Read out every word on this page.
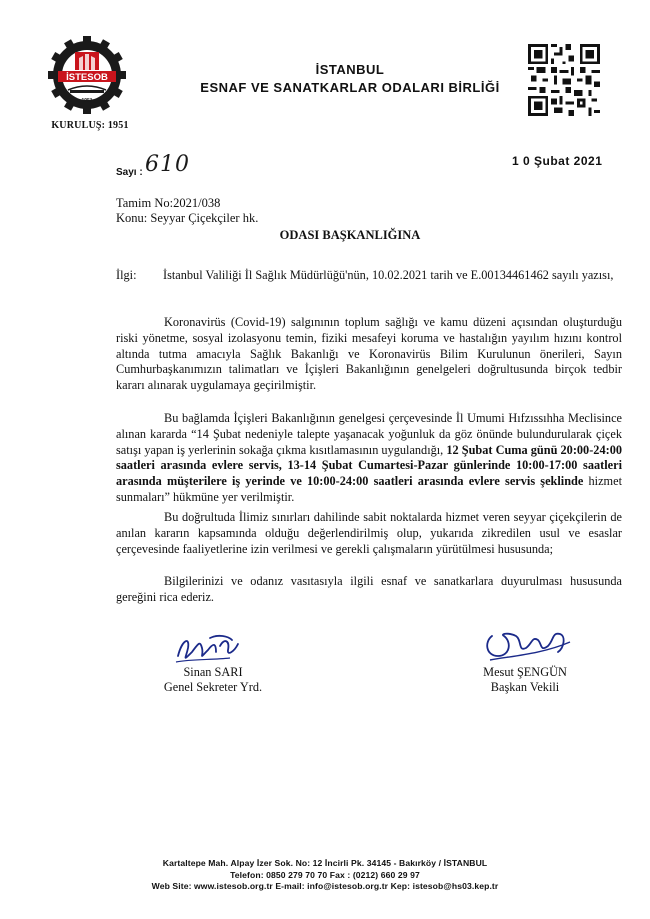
İSTESOB
1951
KURULUŞ: 1951
İSTANBUL
ESNAF VE SANATKARLAR ODALARI BİRLİĞİ
Sayı : 610	1 0 Şubat 2021
Tamim No:2021/038
Konu: Seyyar Çiçekçiler hk.
ODASI BAŞKANLIĞINA
İlgi: İstanbul Valiliği İl Sağlık Müdürlüğü'nün, 10.02.2021 tarih ve E.00134461462 sayılı yazısı,

Koronavirüs (Covid-19) salgınının toplum sağlığı ve kamu düzeni açısından oluşturduğu riski yönetme, sosyal izolasyonu temin, fiziki mesafeyi koruma ve hastalığın yayılım hızını kontrol altında tutma amacıyla Sağlık Bakanlığı ve Koronavirüs Bilim Kurulunun önerileri, Sayın Cumhurbaşkanımızın talimatları ve İçişleri Bakanlığının genelgeleri doğrultusunda birçok tedbir kararı alınarak uygulamaya geçirilmiştir.

Bu bağlamda İçişleri Bakanlığının genelgesi çerçevesinde İl Umumi Hıfzıssıhha Meclisince alınan kararda “14 Şubat nedeniyle talepte yaşanacak yoğunluk da göz önünde bulundurularak çiçek satışı yapan iş yerlerinin sokağa çıkma kısıtlamasının uygulandığı, 12 Şubat Cuma günü 20:00-24:00 saatleri arasında evlere servis, 13-14 Şubat Cumartesi-Pazar günlerinde 10:00-17:00 saatleri arasında müşterilere iş yerinde ve 10:00-24:00 saatleri arasında evlere servis şeklinde hizmet sunmaları” hükmüne yer verilmiştir.

Bu doğrultuda İlimiz sınırları dahilinde sabit noktalarda hizmet veren seyyar çiçekçilerin de anılan kararın kapsamında olduğu değerlendirilmiş olup, yukarıda zikredilen usul ve esaslar çerçevesinde faaliyetlerine izin verilmesi ve gerekli çalışmaların yürütülmesi hususunda;

Bilgilerinizi ve odanız vasıtasıyla ilgili esnaf ve sanatkarlara duyurulması hususunda gereğini rica ederiz.

Sinan SARI
Genel Sekreter Yrd.
Mesut ŞENGÜN
Başkan Vekili
Kartaltepe Mah. Alpay İzer Sok. No: 12 İncirli Pk. 34145 - Bakırköy / İSTANBUL
Telefon: 0850 279 70 70 Fax : (0212) 660 29 97
Web Site: www.istesob.org.tr E-mail: info@istesob.org.tr Kep: istesob@hs03.kep.tr
